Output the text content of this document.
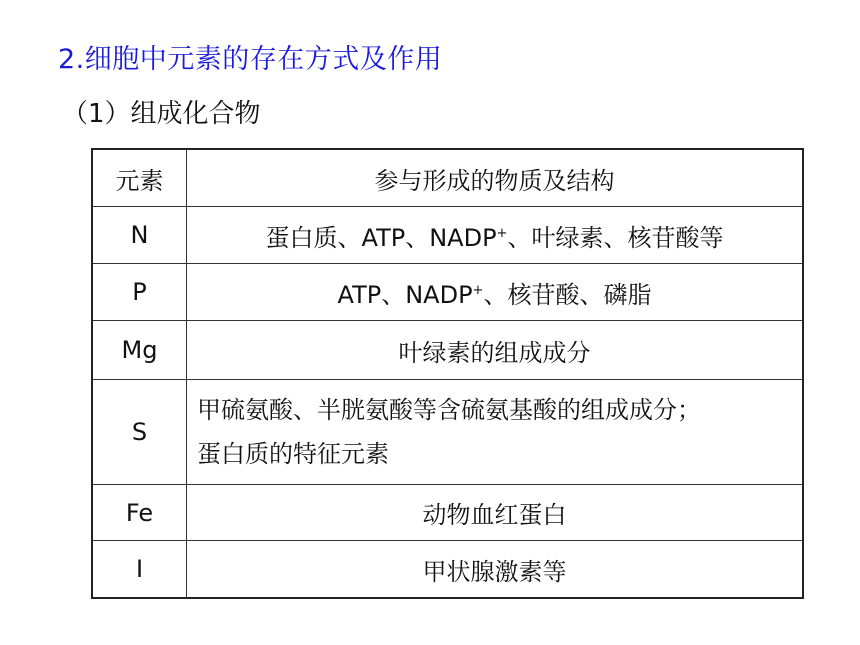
2.细胞中元素的存在方式及作用
（1）组成化合物
元素	参与形成的物质及结构
N	蛋白质、ATP、NADP+、叶绿素、核苷酸等
P	ATP、NADP+、核苷酸、磷脂
Mg	叶绿素的组成成分
S	甲硫氨酸、半胱氨酸等含硫氨基酸的组成成分；
蛋白质的特征元素

Fe	动物血红蛋白
I	甲状腺激素等
